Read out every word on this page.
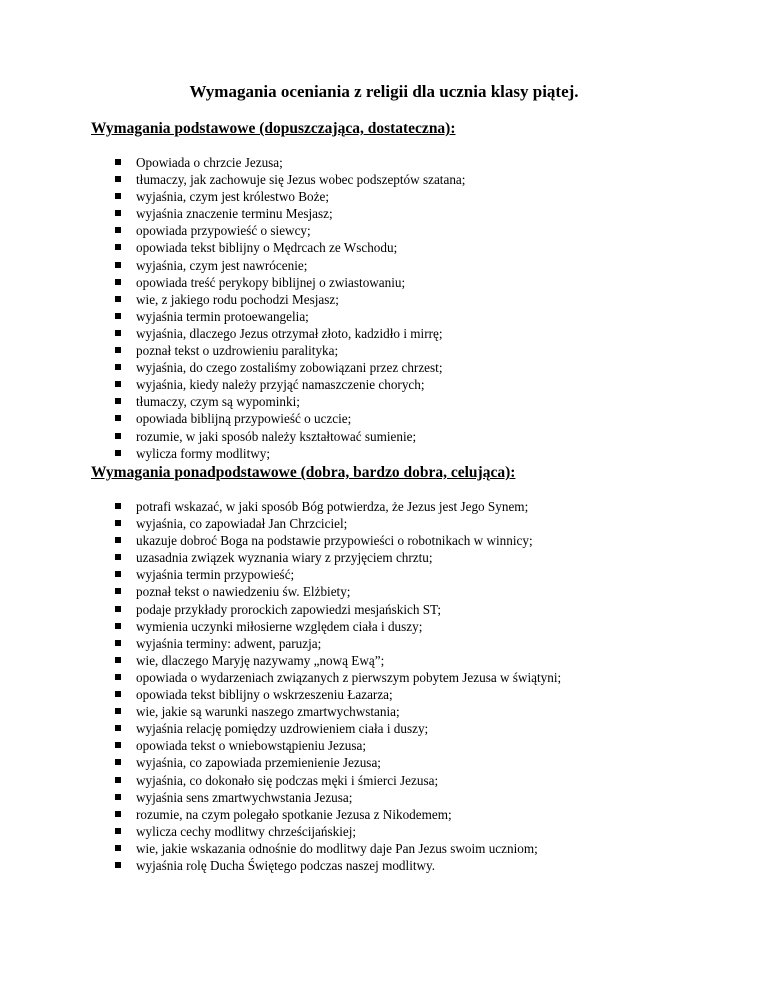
Wymagania oceniania z religii dla ucznia klasy piątej.
Wymagania podstawowe (dopuszczająca, dostateczna):
Opowiada o chrzcie Jezusa;
tłumaczy, jak zachowuje się Jezus wobec podszeptów szatana;
wyjaśnia, czym jest królestwo Boże;
wyjaśnia znaczenie terminu Mesjasz;
opowiada przypowieść o siewcy;
opowiada tekst biblijny o Mędrcach ze Wschodu;
wyjaśnia, czym jest nawrócenie;
opowiada treść perykopy biblijnej o zwiastowaniu;
wie, z jakiego rodu pochodzi Mesjasz;
wyjaśnia termin protoewangelia;
wyjaśnia, dlaczego Jezus otrzymał złoto, kadzidło i mirrę;
poznał tekst o uzdrowieniu paralityka;
wyjaśnia, do czego zostaliśmy zobowiązani przez chrzest;
wyjaśnia, kiedy należy przyjąć namaszczenie chorych;
tłumaczy, czym są wypominki;
opowiada biblijną przypowieść o uczcie;
rozumie, w jaki sposób należy kształtować sumienie;
wylicza formy modlitwy;
Wymagania ponadpodstawowe (dobra, bardzo dobra, celująca):
potrafi wskazać, w jaki sposób Bóg potwierdza, że Jezus jest Jego Synem;
wyjaśnia, co zapowiadał Jan Chrzciciel;
ukazuje dobroć Boga na podstawie przypowieści o robotnikach w winnicy;
uzasadnia związek wyznania wiary z przyjęciem chrztu;
wyjaśnia termin przypowieść;
poznał tekst o nawiedzeniu św. Elżbiety;
podaje przykłady prorockich zapowiedzi mesjańskich ST;
wymienia uczynki miłosierne względem ciała i duszy;
wyjaśnia terminy: adwent, paruzja;
wie, dlaczego Maryję nazywamy „nową Ewą”;
opowiada o wydarzeniach związanych z pierwszym pobytem Jezusa w świątyni;
opowiada tekst biblijny o wskrzeszeniu Łazarza;
wie, jakie są warunki naszego zmartwychwstania;
wyjaśnia relację pomiędzy uzdrowieniem ciała i duszy;
opowiada tekst o wniebowstąpieniu Jezusa;
wyjaśnia, co zapowiada przemienienie Jezusa;
wyjaśnia, co dokonało się podczas męki i śmierci Jezusa;
wyjaśnia sens zmartwychwstania Jezusa;
rozumie, na czym polegało spotkanie Jezusa z Nikodemem;
wylicza cechy modlitwy chrześcijańskiej;
wie, jakie wskazania odnośnie do modlitwy daje Pan Jezus swoim uczniom;
wyjaśnia rolę Ducha Świętego podczas naszej modlitwy.
